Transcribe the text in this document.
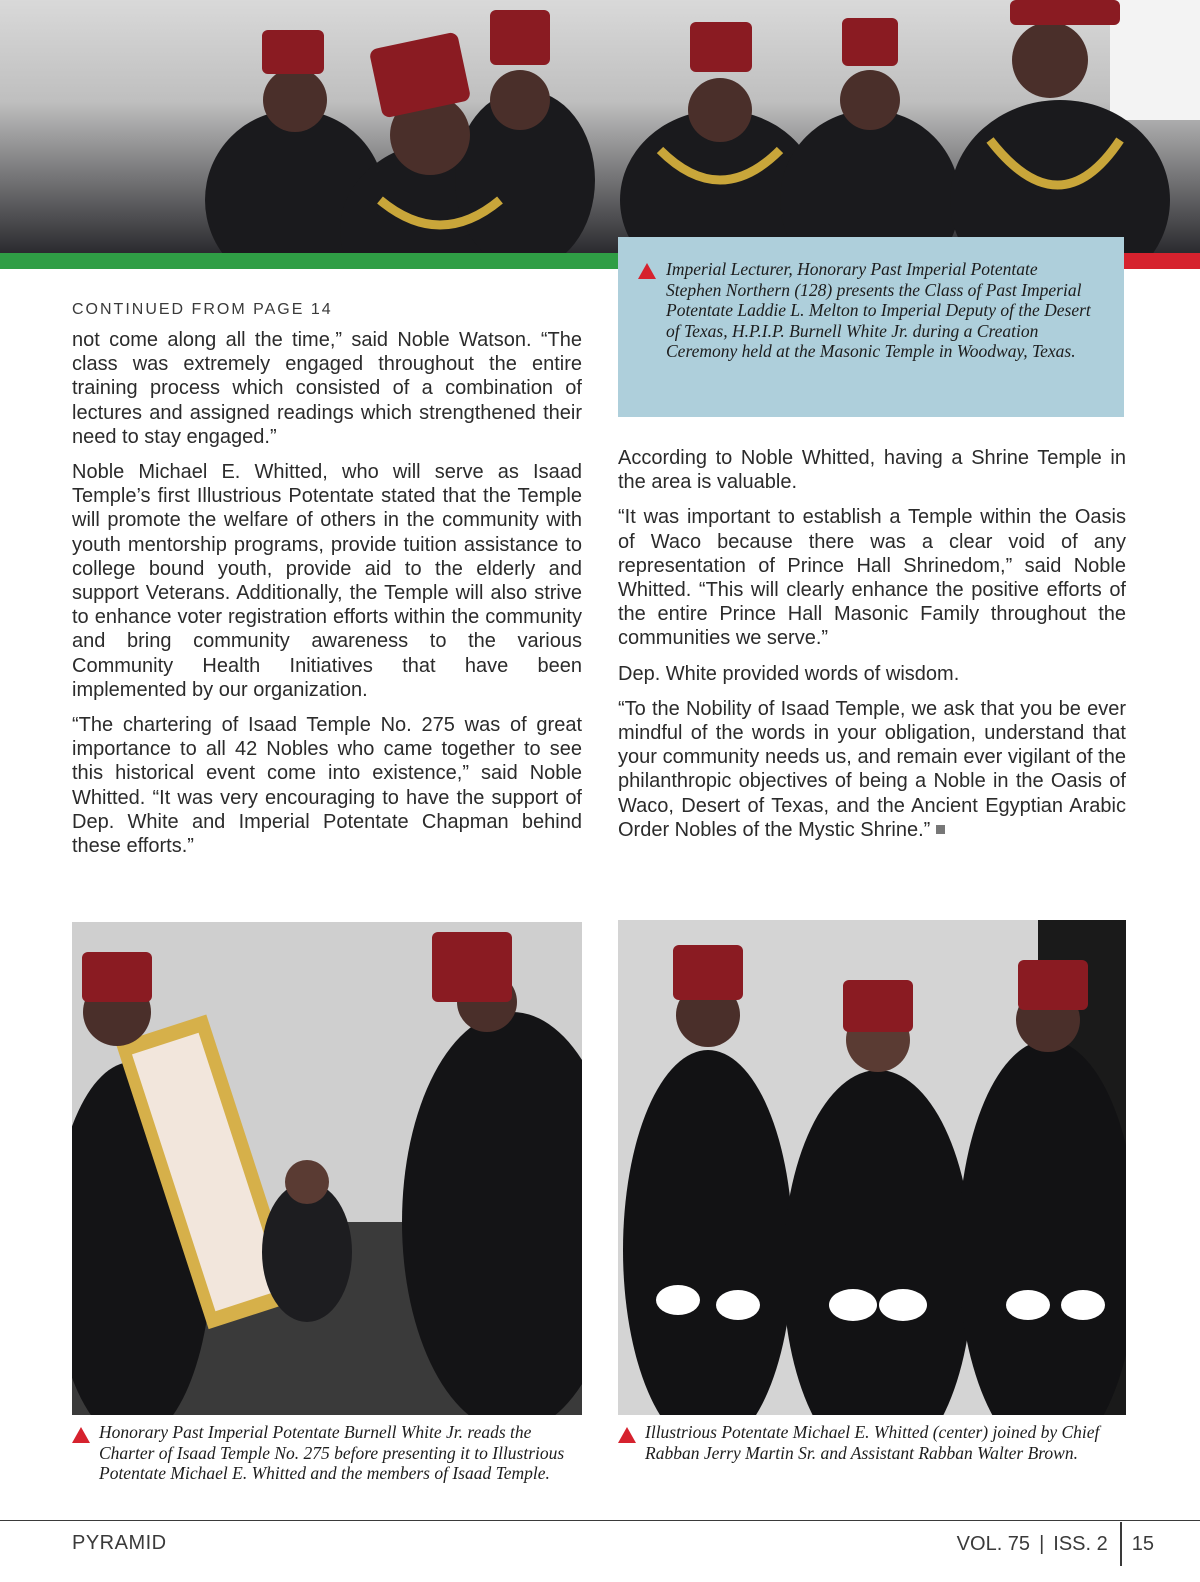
Imperial Lecturer, Honorary Past Imperial Potentate Stephen Northern (128) presents the Class of Past Imperial Potentate Laddie L. Melton to Imperial Deputy of the Desert of Texas, H.P.I.P. Burnell White Jr. during a Creation Ceremony held at the Masonic Temple in Woodway, Texas.

CONTINUED FROM PAGE 14

not come along all the time,” said Noble Watson. “The class was extremely engaged throughout the entire training process which consisted of a combination of lectures and assigned readings which strengthened their need to stay engaged.”

Noble Michael E. Whitted, who will serve as Isaad Temple’s first Illustrious Potentate stated that the Temple will promote the welfare of others in the community with youth mentorship programs, provide tuition assistance to college bound youth, provide aid to the elderly and support Veterans. Additionally, the Temple will also strive to enhance voter registration efforts within the community and bring community awareness to the various Community Health Initiatives that have been implemented by our organization.

“The chartering of Isaad Temple No. 275 was of great importance to all 42 Nobles who came together to see this historical event come into existence,” said Noble Whitted. “It was very encouraging to have the support of Dep. White and Imperial Potentate Chapman behind these efforts.”

According to Noble Whitted, having a Shrine Temple in the area is valuable.

“It was important to establish a Temple within the Oasis of Waco because there was a clear void of any representation of Prince Hall Shrinedom,” said Noble Whitted. “This will clearly enhance the positive efforts of the entire Prince Hall Masonic Family throughout the communities we serve.”

Dep. White provided words of wisdom.

“To the Nobility of Isaad Temple, we ask that you be ever mindful of the words in your obligation, understand that your community needs us, and remain ever vigilant of the philanthropic objectives of being a Noble in the Oasis of Waco, Desert of Texas, and the Ancient Egyptian Arabic Order Nobles of the Mystic Shrine.”

Honorary Past Imperial Potentate Burnell White Jr. reads the Charter of Isaad Temple No. 275 before presenting it to Illustrious Potentate Michael E. Whitted and the members of Isaad Temple.

Illustrious Potentate Michael E. Whitted (center) joined by Chief Rabban Jerry Martin Sr. and Assistant Rabban Walter Brown.

PYRAMID	VOL. 75 | ISS. 2 15
